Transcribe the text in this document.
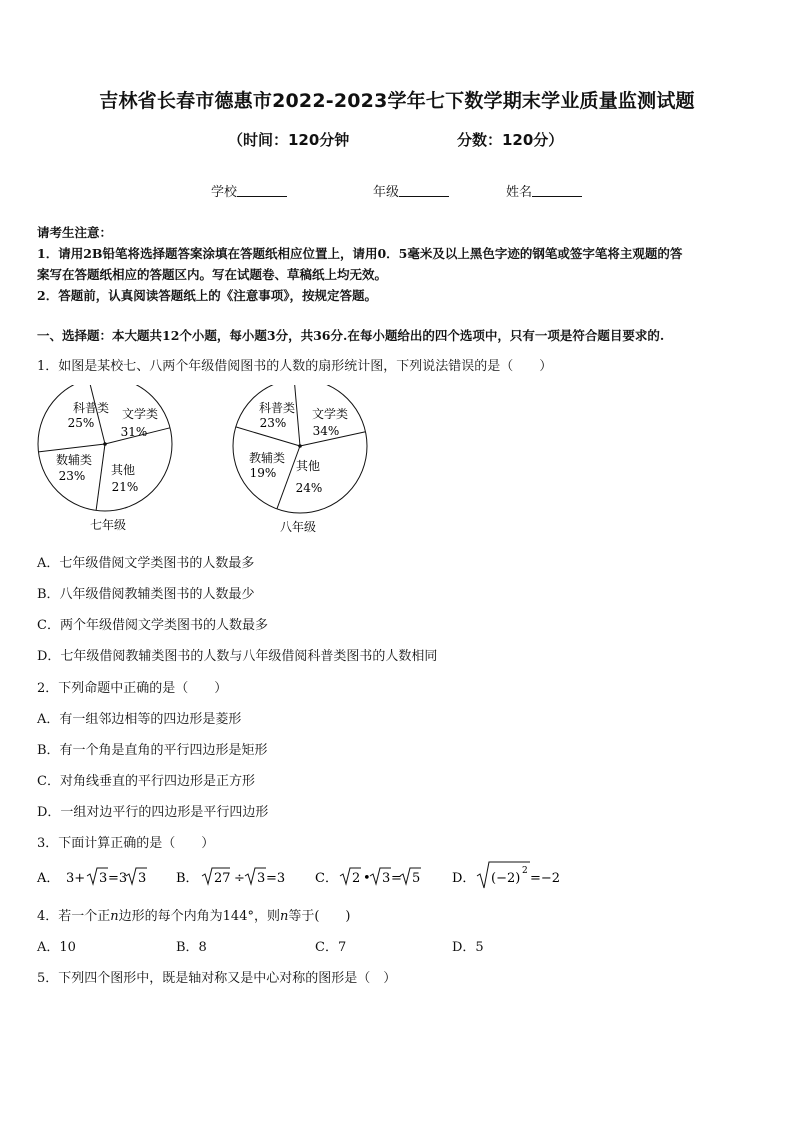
吉林省长春市德惠市2022-2023学年七下数学期末学业质量监测试题
（时间：120分钟	分数：120分）
学校	年级	姓名

请考生注意：

1．请用2B铅笔将选择题答案涂填在答题纸相应位置上，请用0．5毫米及以上黑色字迹的钢笔或签字笔将主观题的答

案写在答题纸相应的答题区内。写在试题卷、草稿纸上均无效。

2．答题前，认真阅读答题纸上的《注意事项》，按规定答题。

一、选择题：本大题共12个小题，每小题3分，共36分.在每小题给出的四个选项中，只有一项是符合题目要求的.
1．如图是某校七、八两个年级借阅图书的人数的扇形统计图，下列说法错误的是（　　）
科普类
25%
文学类
31%
其他
21%
数辅类
23%
七年级
科普类
23%
文学类
34%
其他
24%
教辅类
19%
八年级
A．七年级借阅文学类图书的人数最多
B．八年级借阅教辅类图书的人数最少
C．两个年级借阅文学类图书的人数最多
D．七年级借阅教辅类图书的人数与八年级借阅科普类图书的人数相同
2．下列命题中正确的是（　　）
A．有一组邻边相等的四边形是菱形
B．有一个角是直角的平行四边形是矩形
C．对角线垂直的平行四边形是正方形
D．一组对边平行的四边形是平行四边形
3．下面计算正确的是（　　）
A． 3+ 3 =3 3 B． 27 ÷ 3 =3 C． 2 • 3 = 5 D． (−2) 2 =−2
4．若一个正n边形的每个内角为144°，则n等于(　　)
A．10	B．8	C．7	D．5
5．下列四个图形中，既是轴对称又是中心对称的图形是（　）
